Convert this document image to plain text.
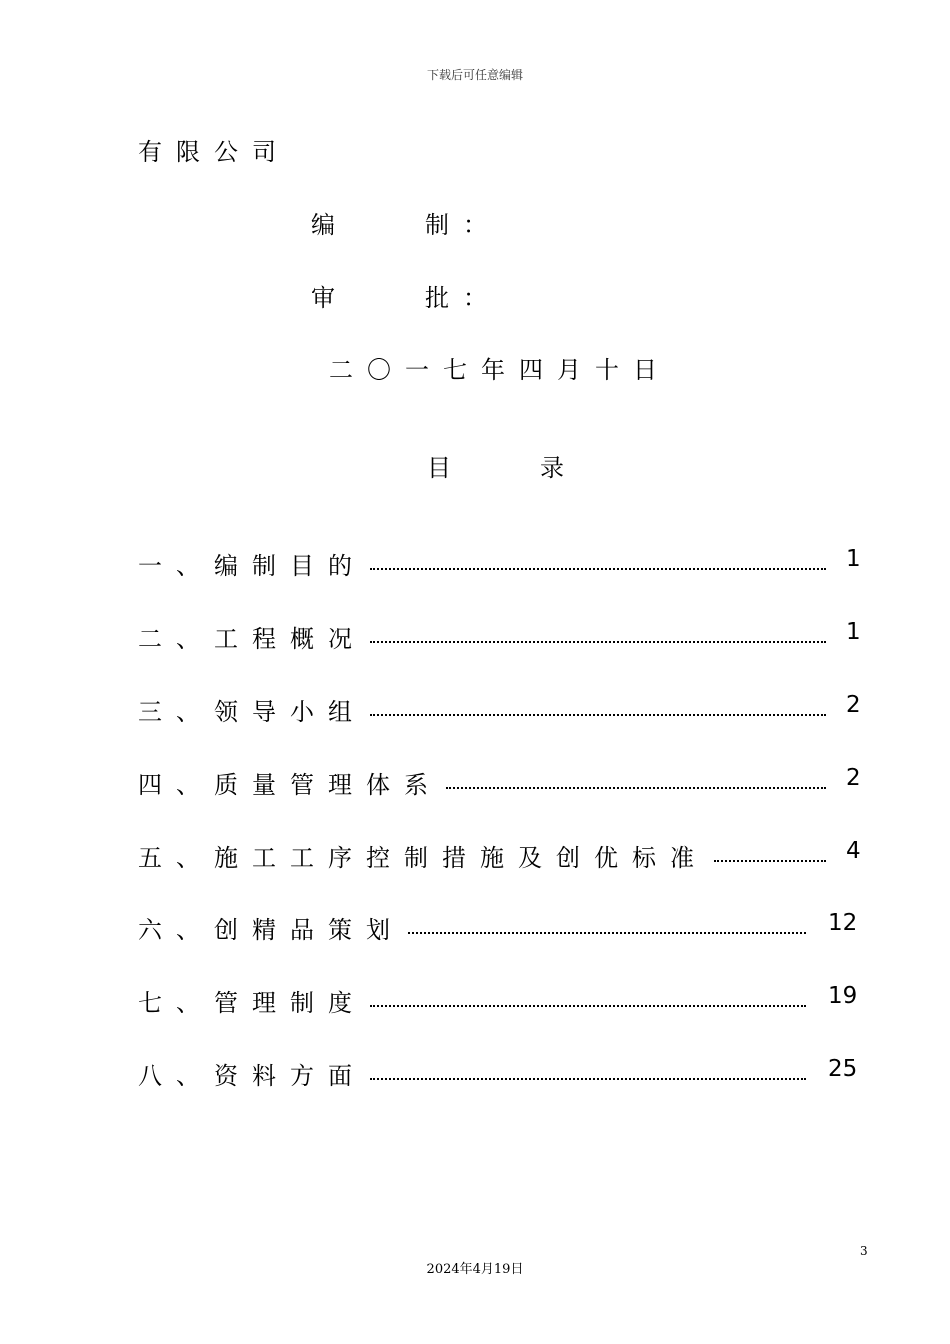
下载后可任意编辑
有限公司
编	制 ：
审	批 ：
二〇一七年四月十日
目	录
一、 编制目的	1
二、 工程概况	1
三、 领导小组	2
四、 质量管理体系	2
五、 施工工序控制措施及创优标准	4
六、 创精品策划	12
七、 管理制度	19
八、 资料方面	25
3
2024年4月19日
